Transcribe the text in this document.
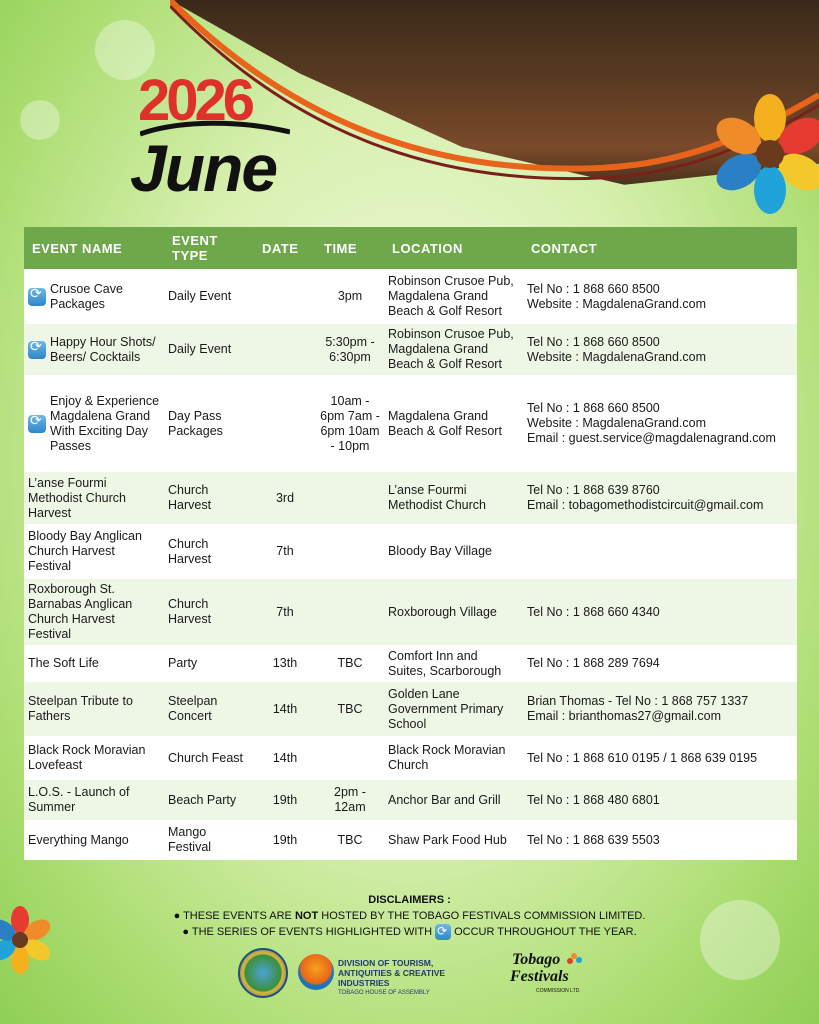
2026
June
EVENT NAME	EVENT TYPE	DATE	TIME	LOCATION	CONTACT

⟳
Crusoe Cave Packages	Daily Event		3pm	Robinson Crusoe Pub, Magdalena Grand Beach & Golf Resort	Tel No : 1 868 660 8500
Website : MagdalenaGrand.com

⟳
Happy Hour Shots/ Beers/ Cocktails	Daily Event		5:30pm - 6:30pm	Robinson Crusoe Pub, Magdalena Grand Beach & Golf Resort	Tel No : 1 868 660 8500
Website : MagdalenaGrand.com

⟳
Enjoy & Experience Magdalena Grand With Exciting Day Passes	Day Pass Packages		10am - 6pm 7am - 6pm 10am - 10pm	Magdalena Grand Beach & Golf Resort	Tel No : 1 868 660 8500
Website : MagdalenaGrand.com
Email : guest.service@magdalenagrand.com

L’anse Fourmi Methodist Church Harvest	Church Harvest	3rd		L’anse Fourmi Methodist Church	Tel No : 1 868 639 8760
Email : tobagomethodistcircuit@gmail.com

Bloody Bay Anglican Church Harvest Festival	Church Harvest	7th		Bloody Bay Village	
Roxborough St. Barnabas Anglican Church Harvest Festival	Church Harvest	7th		Roxborough Village	Tel No : 1 868 660 4340

The Soft Life	Party	13th	TBC	Comfort Inn and Suites, Scarborough	Tel No : 1 868 289 7694

Steelpan Tribute to Fathers	Steelpan Concert	14th	TBC	Golden Lane Government Primary School	Brian Thomas - Tel No : 1 868 757 1337
Email : brianthomas27@gmail.com

Black Rock Moravian Lovefeast	Church Feast	14th		Black Rock Moravian Church	Tel No : 1 868 610 0195 / 1 868 639 0195

L.O.S. - Launch of Summer	Beach Party	19th	2pm - 12am	Anchor Bar and Grill	Tel No : 1 868 480 6801

Everything Mango	Mango Festival	19th	TBC	Shaw Park Food Hub	Tel No : 1 868 639 5503
DISCLAIMERS :
● THESE EVENTS ARE NOT HOSTED BY THE TOBAGO FESTIVALS COMMISSION LIMITED.
● THE SERIES OF EVENTS HIGHLIGHTED WITH ⟳ OCCUR THROUGHOUT THE YEAR.
DIVISION OF TOURISM,
ANTIQUITIES & CREATIVE INDUSTRIES
TOBAGO HOUSE OF ASSEMBLY
Tobago
Festivals
COMMISSION LTD.
